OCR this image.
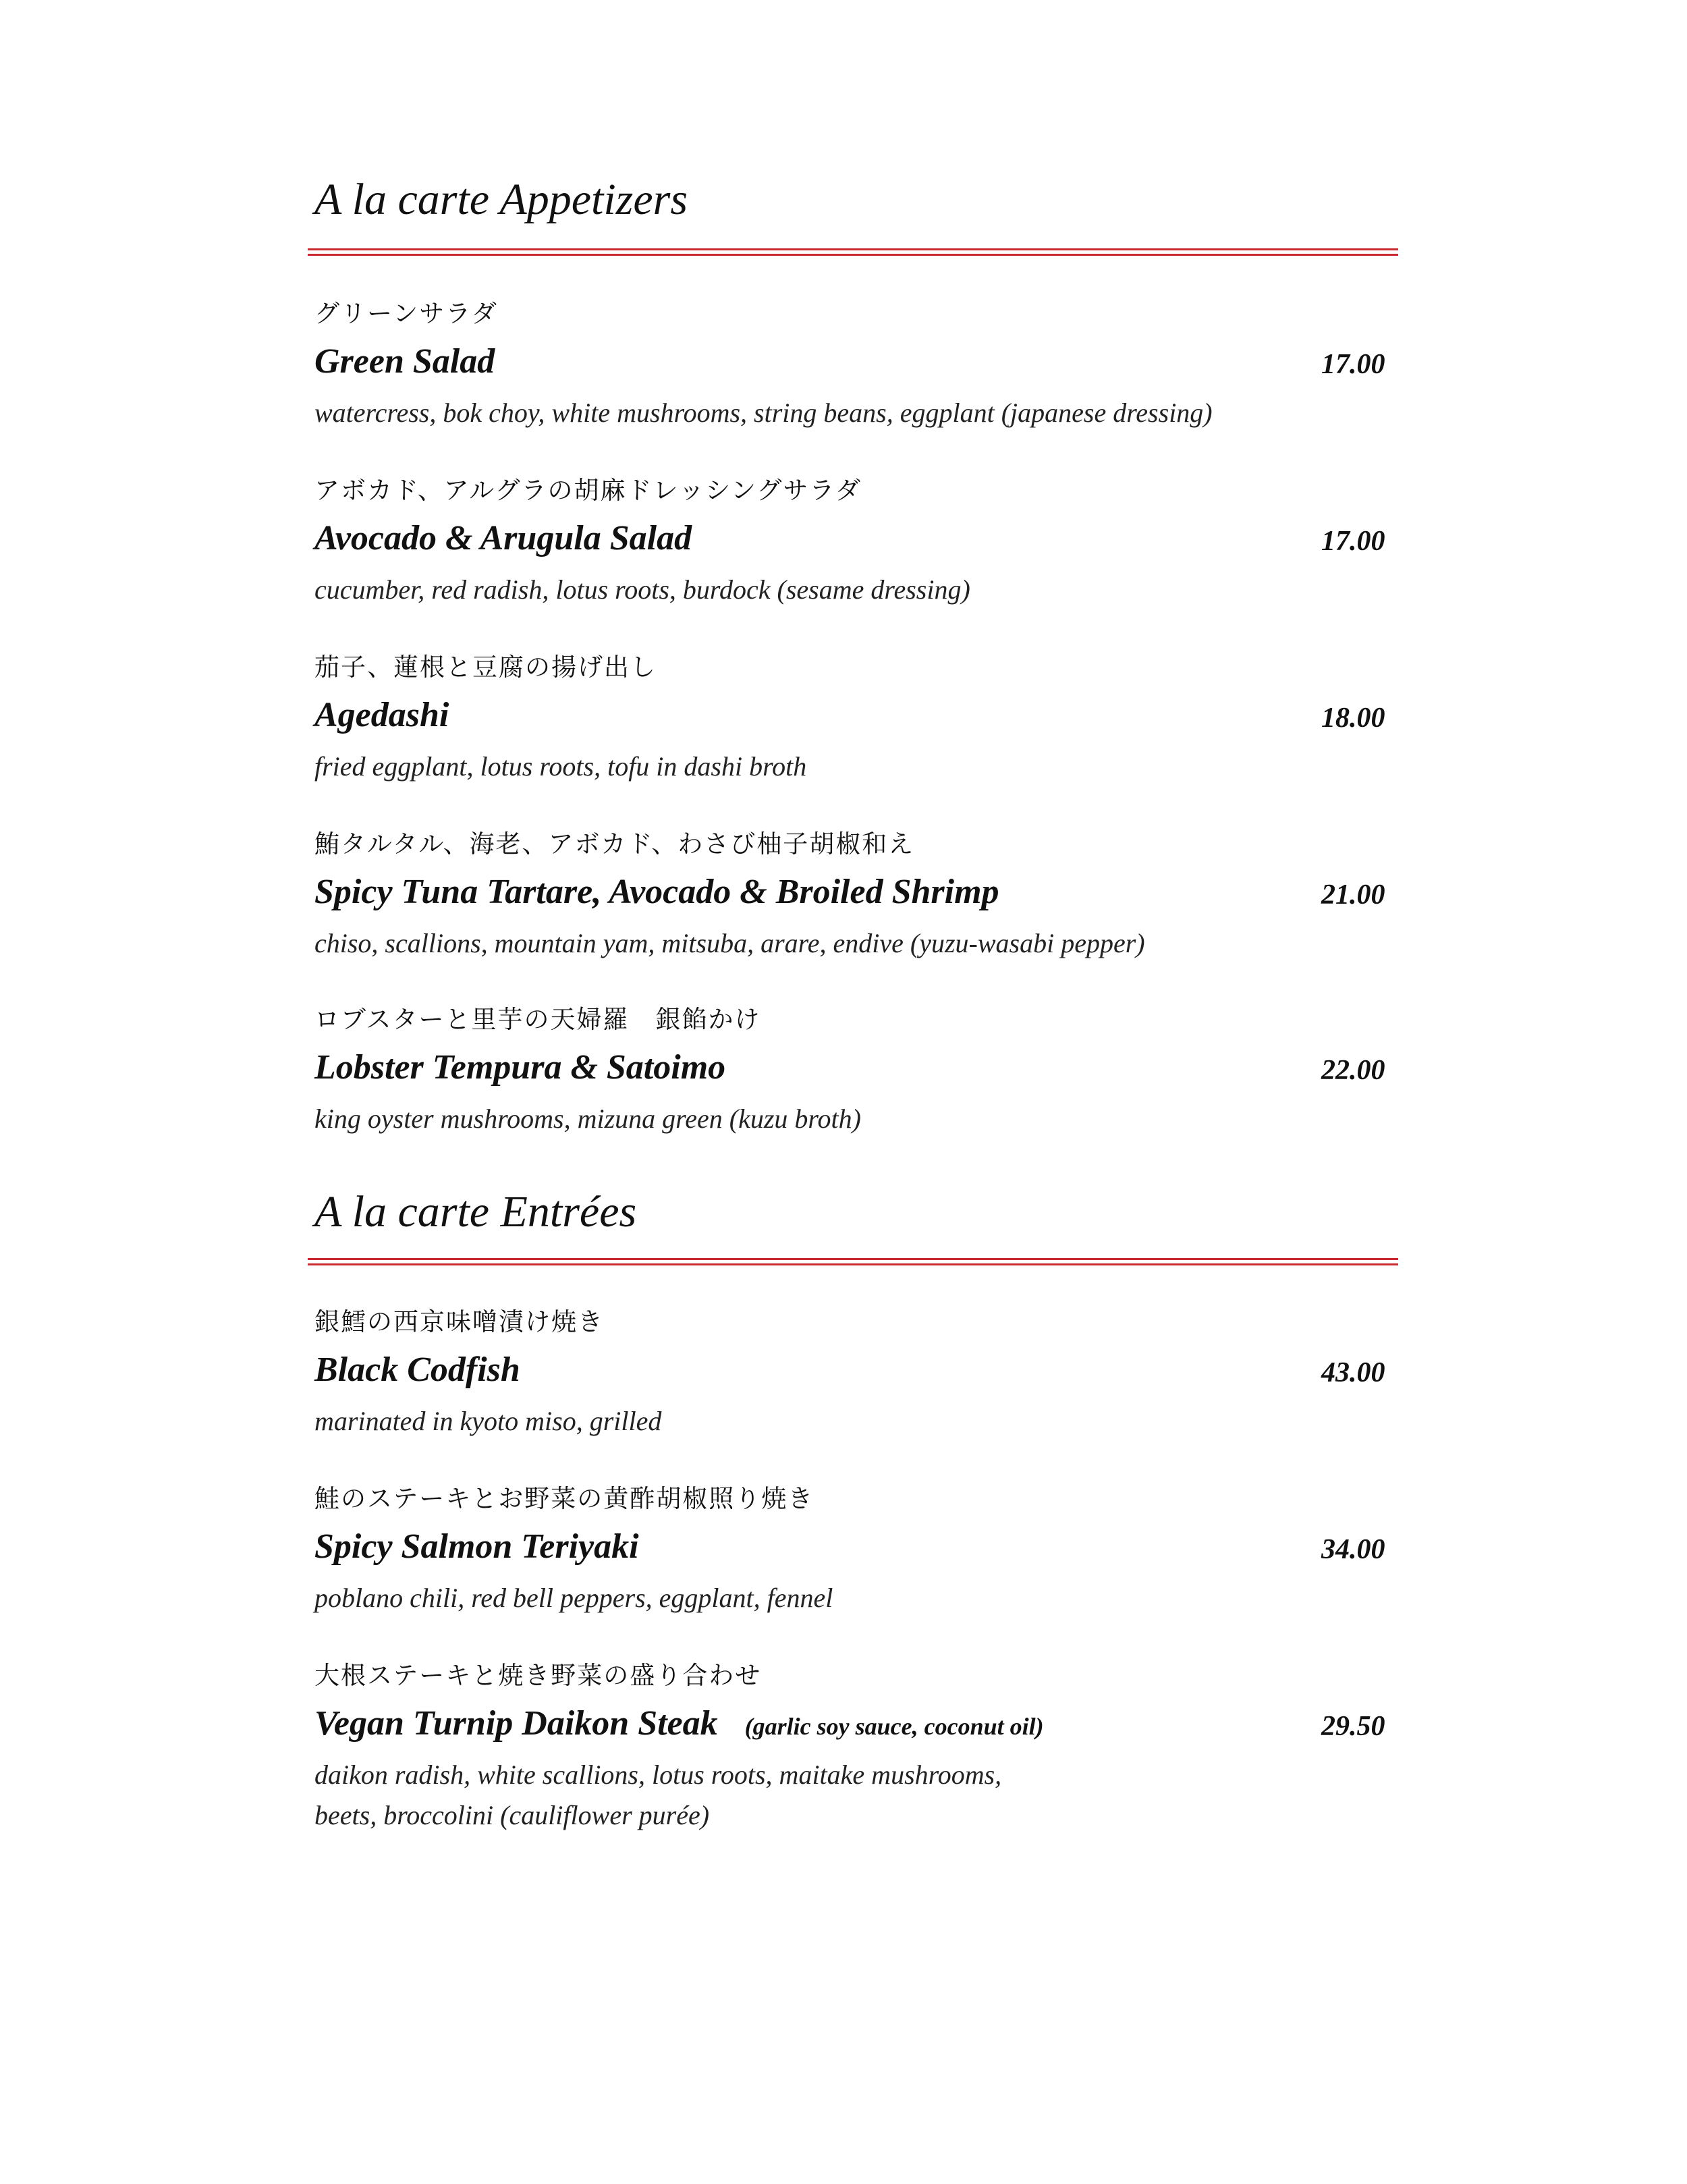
A la carte Appetizers
グリーンサラダ
Green Salad	17.00
watercress, bok choy, white mushrooms, string beans, eggplant (japanese dressing)
アボカド、アルグラの胡麻ドレッシングサラダ
Avocado & Arugula Salad	17.00
cucumber, red radish, lotus roots, burdock (sesame dressing)
茄子、蓮根と豆腐の揚げ出し
Agedashi	18.00
fried eggplant, lotus roots, tofu in dashi broth
鮪タルタル、海老、アボカド、わさび柚子胡椒和え
Spicy Tuna Tartare, Avocado & Broiled Shrimp	21.00
chiso, scallions, mountain yam, mitsuba, arare, endive (yuzu-wasabi pepper)
ロブスターと里芋の天婦羅　銀餡かけ
Lobster Tempura & Satoimo	22.00
king oyster mushrooms, mizuna green (kuzu broth)
A la carte Entrées
銀鱈の西京味噌漬け焼き
Black Codfish	43.00
marinated in kyoto miso, grilled
鮭のステーキとお野菜の黄酢胡椒照り焼き
Spicy Salmon Teriyaki	34.00
poblano chili, red bell peppers, eggplant, fennel
大根ステーキと焼き野菜の盛り合わせ
Vegan Turnip Daikon Steak (garlic soy sauce, coconut oil)	29.50
daikon radish, white scallions, lotus roots, maitake mushrooms,
beets, broccolini (cauliflower purée)
